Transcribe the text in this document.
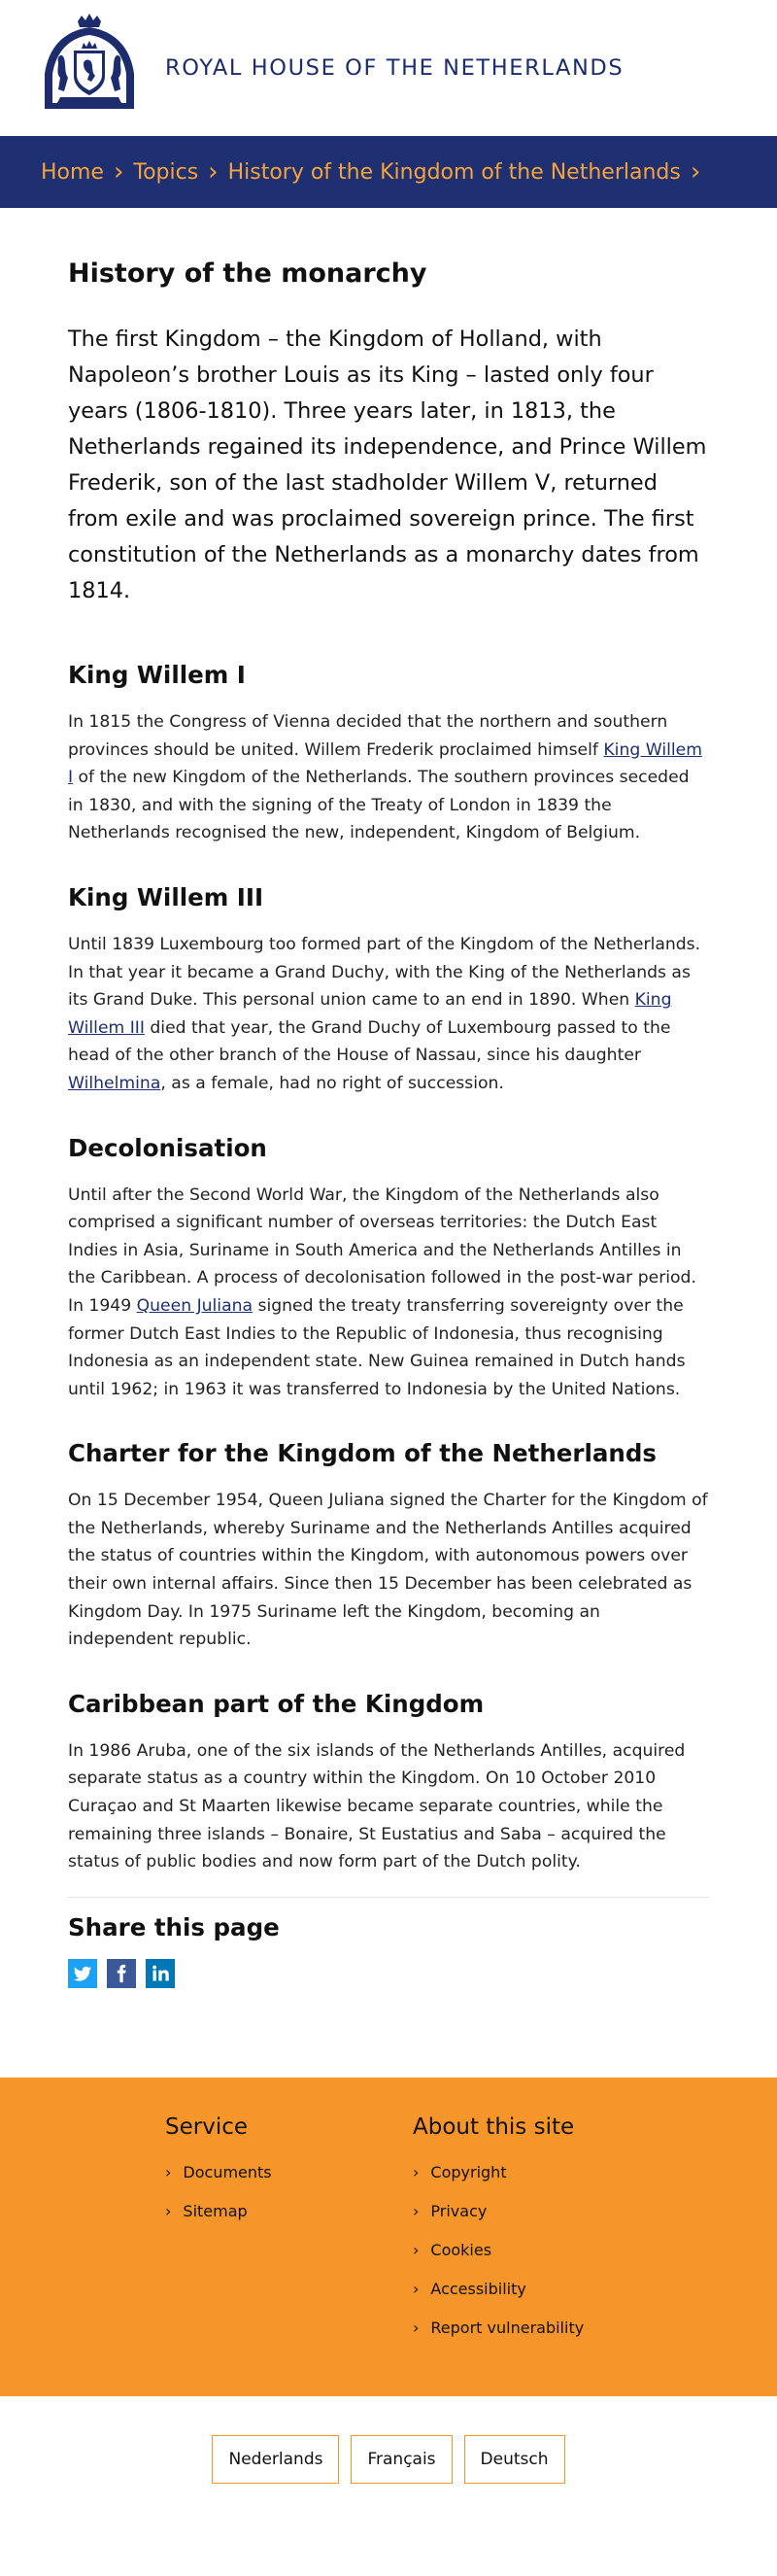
ROYAL HOUSE OF THE NETHERLANDS
Home › Topics › History of the Kingdom of the Netherlands ›
History of the monarchy

The first Kingdom – the Kingdom of Holland, with Napoleon’s brother Louis as its King – lasted only four years (1806-1810). Three years later, in 1813, the Netherlands regained its independence, and Prince Willem Frederik, son of the last stadholder Willem V, returned from exile and was proclaimed sovereign prince. The first constitution of the Netherlands as a monarchy dates from 1814.

King Willem I

In 1815 the Congress of Vienna decided that the northern and southern provinces should be united. Willem Frederik proclaimed himself King Willem I of the new Kingdom of the Netherlands. The southern provinces seceded in 1830, and with the signing of the Treaty of London in 1839 the Netherlands recognised the new, independent, Kingdom of Belgium.

King Willem III

Until 1839 Luxembourg too formed part of the Kingdom of the Netherlands. In that year it became a Grand Duchy, with the King of the Netherlands as its Grand Duke. This personal union came to an end in 1890. When King Willem III died that year, the Grand Duchy of Luxembourg passed to the head of the other branch of the House of Nassau, since his daughter Wilhelmina, as a female, had no right of succession.

Decolonisation

Until after the Second World War, the Kingdom of the Netherlands also comprised a significant number of overseas territories: the Dutch East Indies in Asia, Suriname in South America and the Netherlands Antilles in the Caribbean. A process of decolonisation followed in the post-war period. In 1949 Queen Juliana signed the treaty transferring sovereignty over the former Dutch East Indies to the Republic of Indonesia, thus recognising Indonesia as an independent state. New Guinea remained in Dutch hands until 1962; in 1963 it was transferred to Indonesia by the United Nations.

Charter for the Kingdom of the Netherlands

On 15 December 1954, Queen Juliana signed the Charter for the Kingdom of the Netherlands, whereby Suriname and the Netherlands Antilles acquired the status of countries within the Kingdom, with autonomous powers over their own internal affairs. Since then 15 December has been celebrated as Kingdom Day. In 1975 Suriname left the Kingdom, becoming an independent republic.

Caribbean part of the Kingdom

In 1986 Aruba, one of the six islands of the Netherlands Antilles, acquired separate status as a country within the Kingdom. On 10 October 2010 Curaçao and St Maarten likewise became separate countries, while the remaining three islands – Bonaire, St Eustatius and Saba – acquired the status of public bodies and now form part of the Dutch polity.

Share this page
Service
› Documents
› Sitemap
About this site
› Copyright
› Privacy
› Cookies
› Accessibility
› Report vulnerability
Nederlands	Français	Deutsch
